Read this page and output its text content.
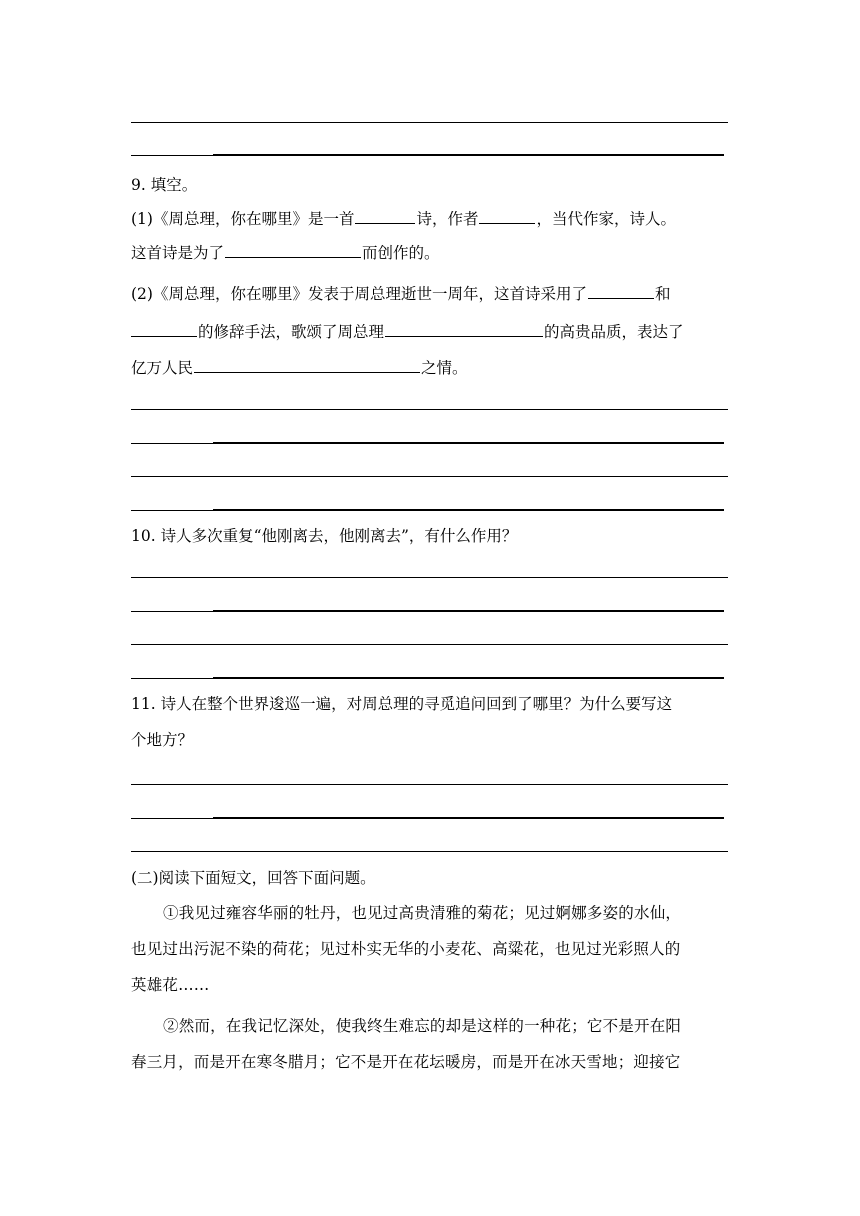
9. 填空。
(1)《周总理，你在哪里》是一首	诗，作者	，当代作家，诗人。
这首诗是为了	而创作的。
(2)《周总理，你在哪里》发表于周总理逝世一周年，这首诗采用了	和
的修辞手法，歌颂了周总理	的高贵品质，表达了
亿万人民	之情。
10. 诗人多次重复“他刚离去，他刚离去”，有什么作用？
11. 诗人在整个世界逡巡一遍，对周总理的寻觅追问回到了哪里？为什么要写这
个地方？
(二)阅读下面短文，回答下面问题。
①我见过雍容华丽的牡丹，也见过高贵清雅的菊花；见过婀娜多姿的水仙，
也见过出污泥不染的荷花；见过朴实无华的小麦花、高粱花，也见过光彩照人的
英雄花……
②然而，在我记忆深处，使我终生难忘的却是这样的一种花；它不是开在阳
春三月，而是开在寒冬腊月；它不是开在花坛暖房，而是开在冰天雪地；迎接它
